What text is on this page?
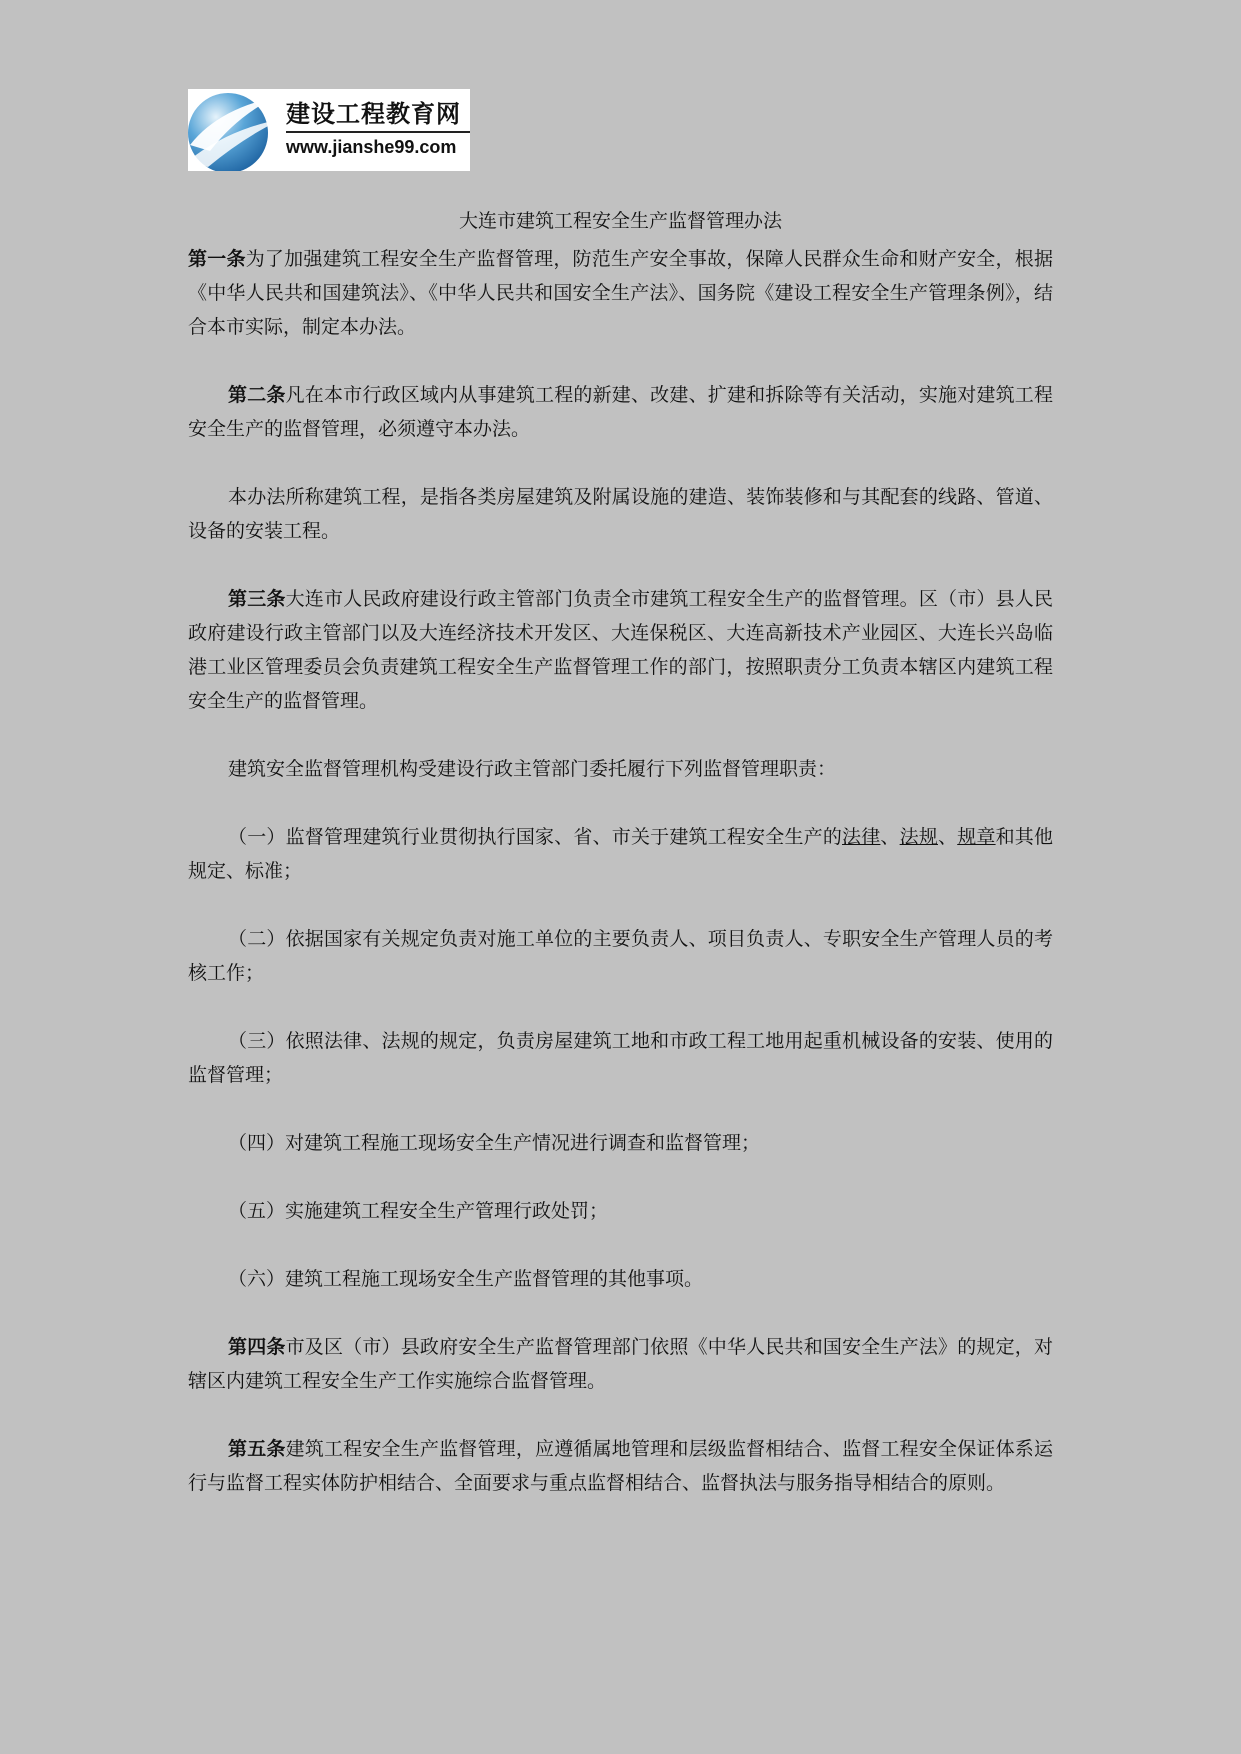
建设工程教育网
www.jianshe99.com
大连市建筑工程安全生产监督管理办法

第一条为了加强建筑工程安全生产监督管理，防范生产安全事故，保障人民群众生命和财产安全，根据《中华人民共和国建筑法》、《中华人民共和国安全生产法》、国务院《建设工程安全生产管理条例》，结合本市实际，制定本办法。

第二条凡在本市行政区域内从事建筑工程的新建、改建、扩建和拆除等有关活动，实施对建筑工程安全生产的监督管理，必须遵守本办法。

本办法所称建筑工程，是指各类房屋建筑及附属设施的建造、装饰装修和与其配套的线路、管道、设备的安装工程。

第三条大连市人民政府建设行政主管部门负责全市建筑工程安全生产的监督管理。区（市）县人民政府建设行政主管部门以及大连经济技术开发区、大连保税区、大连高新技术产业园区、大连长兴岛临港工业区管理委员会负责建筑工程安全生产监督管理工作的部门，按照职责分工负责本辖区内建筑工程安全生产的监督管理。

建筑安全监督管理机构受建设行政主管部门委托履行下列监督管理职责：

（一）监督管理建筑行业贯彻执行国家、省、市关于建筑工程安全生产的法律、法规、规章和其他规定、标准；

（二）依据国家有关规定负责对施工单位的主要负责人、项目负责人、专职安全生产管理人员的考核工作；

（三）依照法律、法规的规定，负责房屋建筑工地和市政工程工地用起重机械设备的安装、使用的监督管理；

（四）对建筑工程施工现场安全生产情况进行调查和监督管理；

（五）实施建筑工程安全生产管理行政处罚；

（六）建筑工程施工现场安全生产监督管理的其他事项。

第四条市及区（市）县政府安全生产监督管理部门依照《中华人民共和国安全生产法》的规定，对辖区内建筑工程安全生产工作实施综合监督管理。

第五条建筑工程安全生产监督管理，应遵循属地管理和层级监督相结合、监督工程安全保证体系运行与监督工程实体防护相结合、全面要求与重点监督相结合、监督执法与服务指导相结合的原则。
